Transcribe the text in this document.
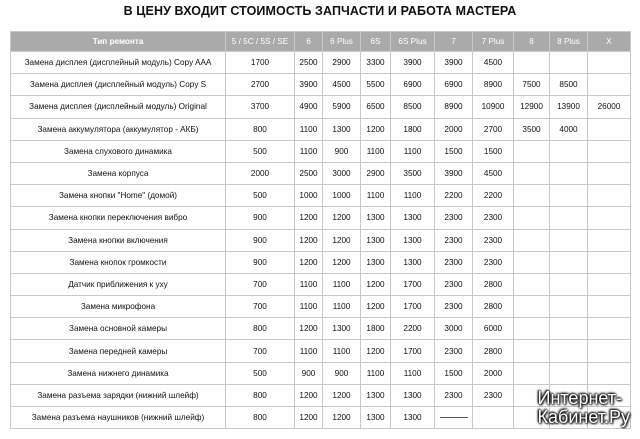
В ЦЕНУ ВХОДИТ СТОИМОСТЬ ЗАПЧАСТИ И РАБОТА МАСТЕРА
Тип ремонта	5 / 5C / 5S / SE	6	6 Plus	6S	6S Plus	7	7 Plus	8	8 Plus	X
Замена дисплея (дисплейный модуль) Copy AAA	1700	2500	2900	3300	3900	3900	4500			
Замена дисплея (дисплейный модуль) Copy S	2700	3900	4500	5500	6900	6900	8900	7500	8500	
Замена дисплея (дисплейный модуль) Original	3700	4900	5900	6500	8500	8900	10900	12900	13900	26000
Замена аккумулятора (аккумулятор - АКБ)	800	1100	1300	1200	1800	2000	2700	3500	4000	
Замена слухового динамика	500	1100	900	1100	1100	1500	1500			
Замена корпуса	2000	2500	3000	2900	3500	3900	4500			
Замена кнопки "Home" (домой)	500	1000	1000	1100	1100	2200	2200			
Замена кнопки переключения вибро	900	1200	1200	1300	1300	2300	2300			
Замена кнопки включения	900	1200	1200	1300	1300	2300	2300			
Замена кнопок громкости	900	1200	1200	1300	1300	2300	2300			
Датчик приближения к уху	700	1100	1100	1200	1700	2300	2800			
Замена микрофона	700	1100	1100	1200	1700	2300	2800			
Замена основной камеры	800	1200	1300	1800	2200	3000	6000			
Замена передней камеры	700	1100	1100	1200	1700	2300	2800			
Замена нижнего динамика	500	900	900	1100	1100	1500	2000			
Замена разъема зарядки (нижний шлейф)	800	1200	1200	1300	1300	2300	2300			
Замена разъема наушников (нижний шлейф)	800	1200	1200	1300	1300					
Интернет-
Кабинет.Ру
